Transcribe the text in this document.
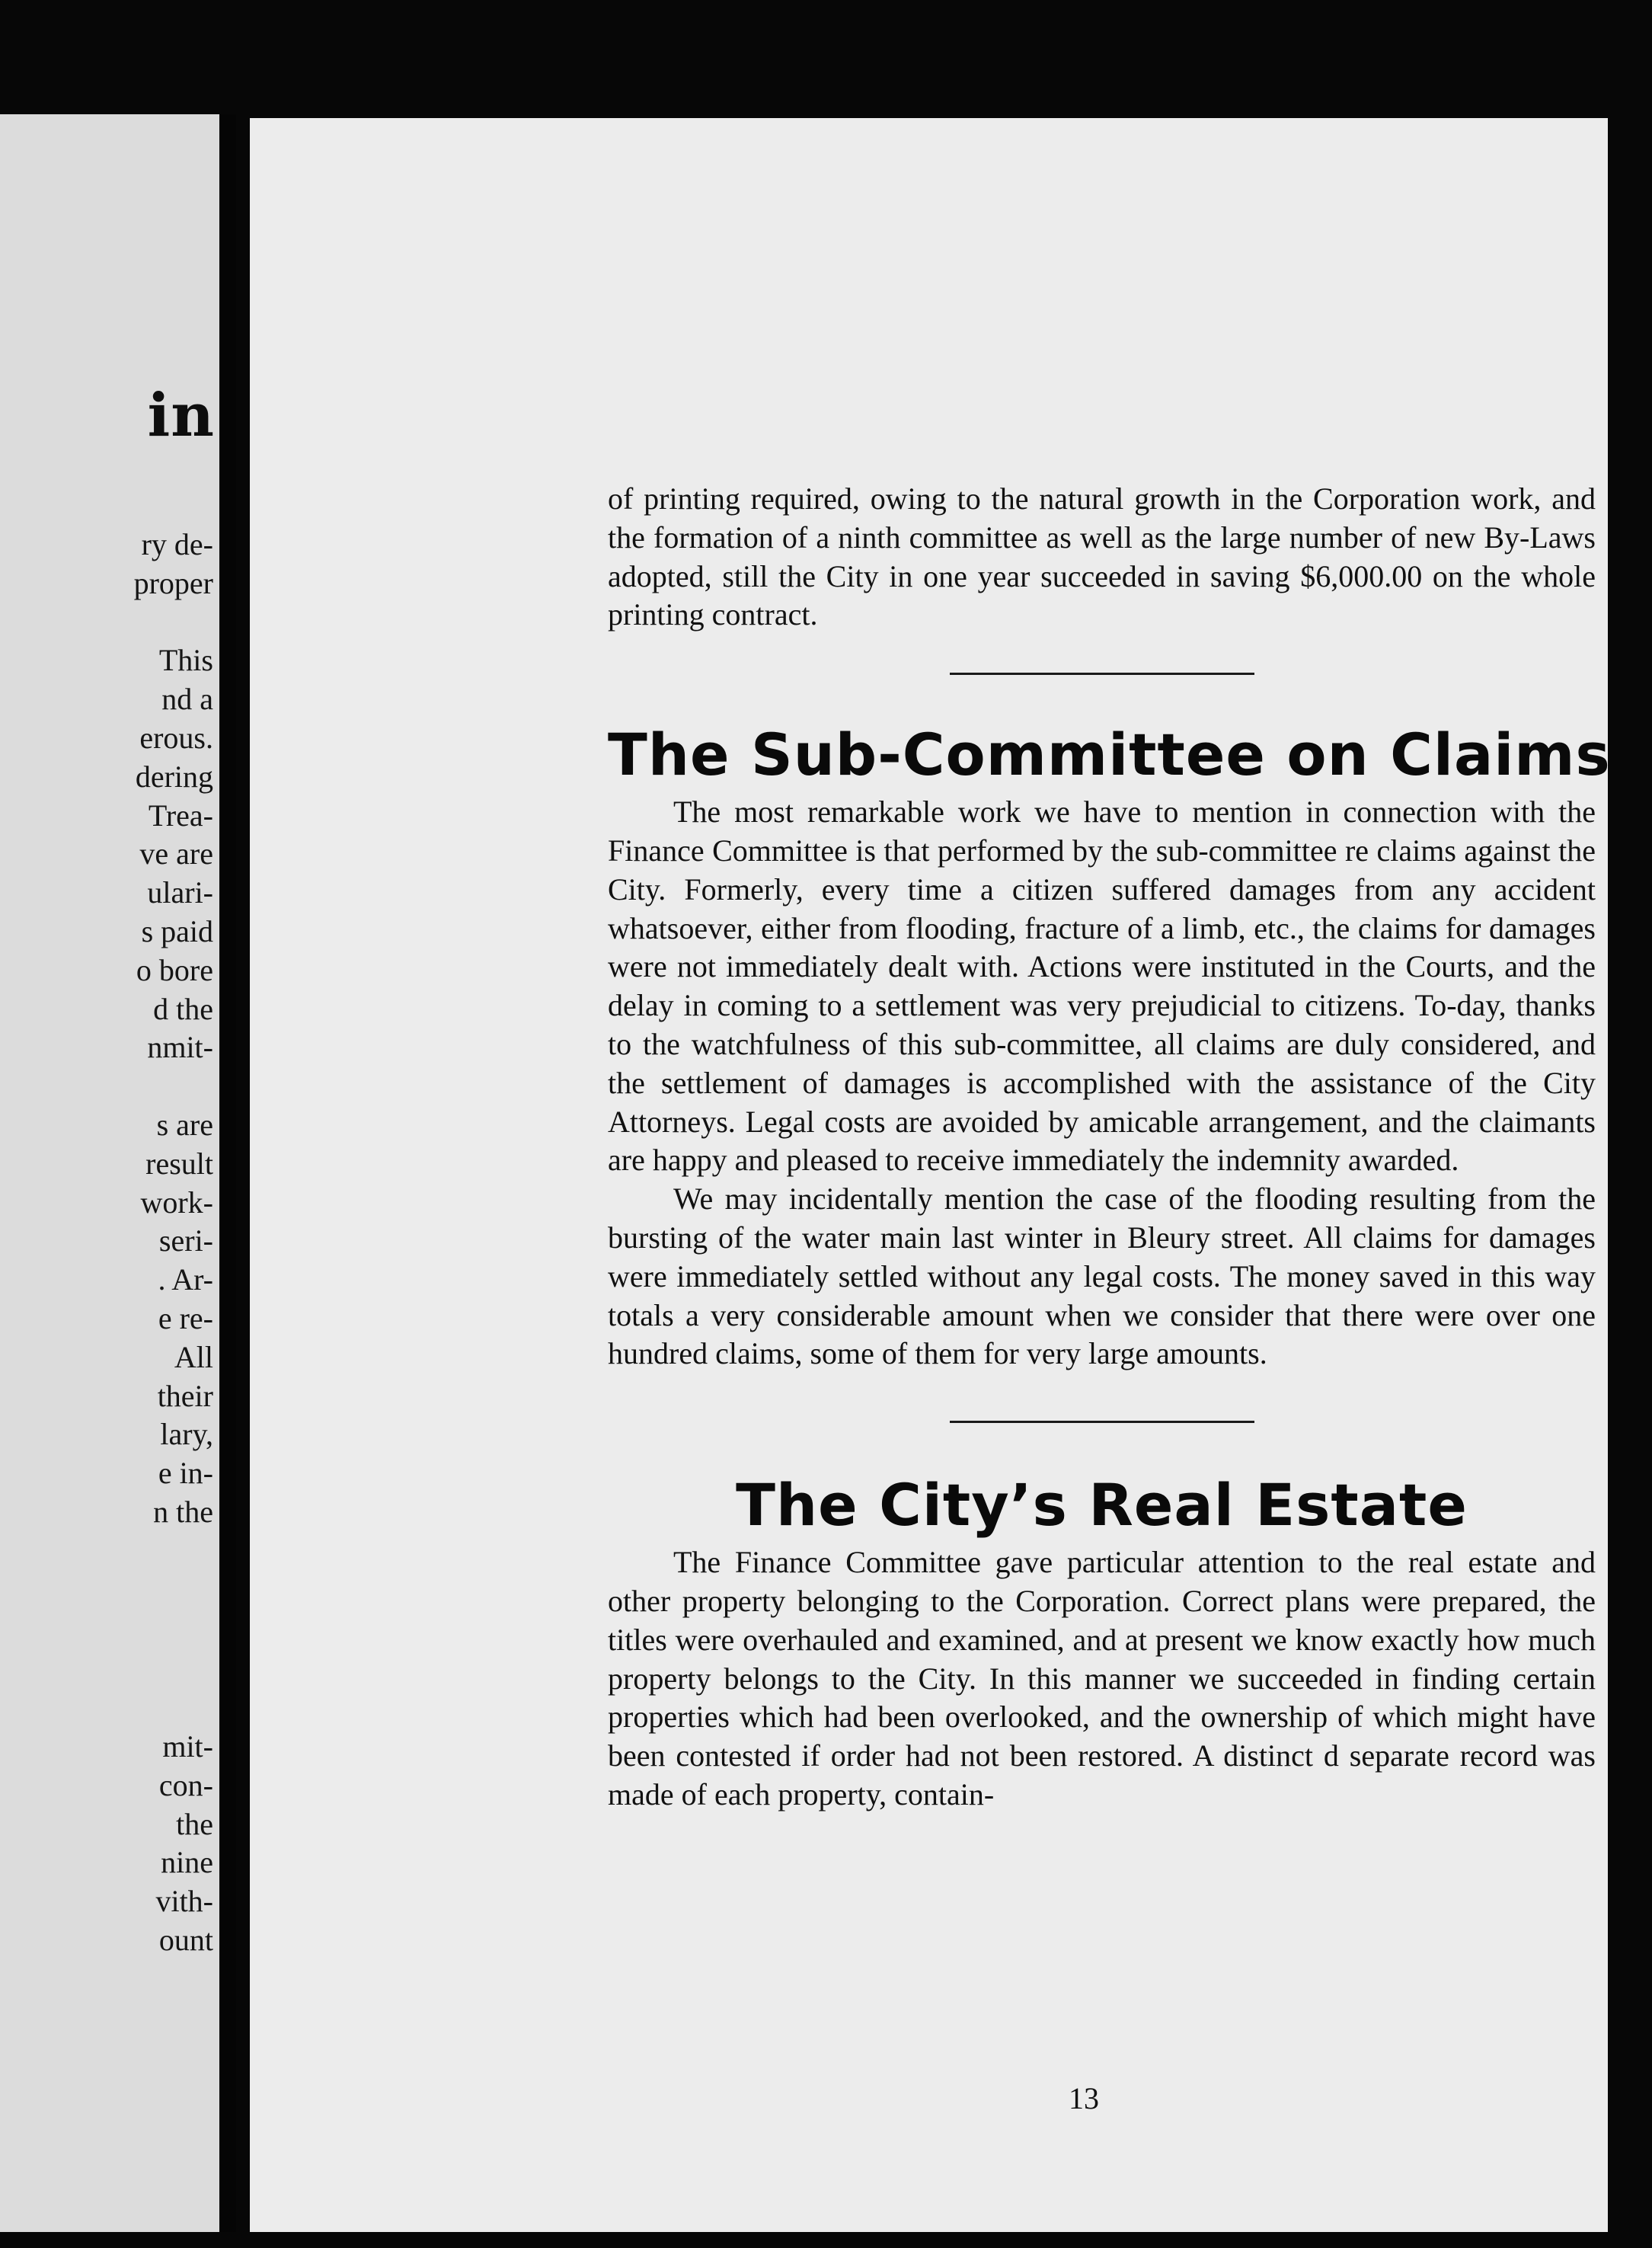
in
ry de-
proper
This
nd a
erous.
dering
Trea-
ve are
ulari-
s paid
o bore
d the
nmit-
s are
result
work-
seri-
. Ar-
e re-
All
their
lary,
e in-
n the
mit-
con-
the
nine
vith-
ount

of printing required, owing to the natural growth in the Corporation work, and the formation of a ninth committee as well as the large number of new By-Laws adopted, still the City in one year succeeded in saving $6,000.00 on the whole printing contract.

The Sub-Committee on Claims

The most remarkable work we have to mention in connection with the Finance Committee is that performed by the sub-committee re claims against the City. Formerly, every time a citizen suffered damages from any accident whatsoever, either from flooding, fracture of a limb, etc., the claims for damages were not immediately dealt with. Actions were instituted in the Courts, and the delay in coming to a settlement was very prejudicial to citizens. To-day, thanks to the watchfulness of this sub-committee, all claims are duly considered, and the settlement of damages is accomplished with the assistance of the City Attorneys. Legal costs are avoided by amicable arrangement, and the claimants are happy and pleased to receive immediately the indemnity awarded.

We may incidentally mention the case of the flooding resulting from the bursting of the water main last winter in Bleury street. All claims for damages were immediately settled without any legal costs. The money saved in this way totals a very considerable amount when we consider that there were over one hundred claims, some of them for very large amounts.

The City’s Real Estate

The Finance Committee gave particular attention to the real estate and other property belonging to the Corporation. Correct plans were prepared, the titles were overhauled and examined, and at present we know exactly how much property belongs to the City. In this manner we succeeded in finding certain properties which had been overlooked, and the ownership of which might have been contested if order had not been restored. A distinct d separate record was made of each property, contain-

13
